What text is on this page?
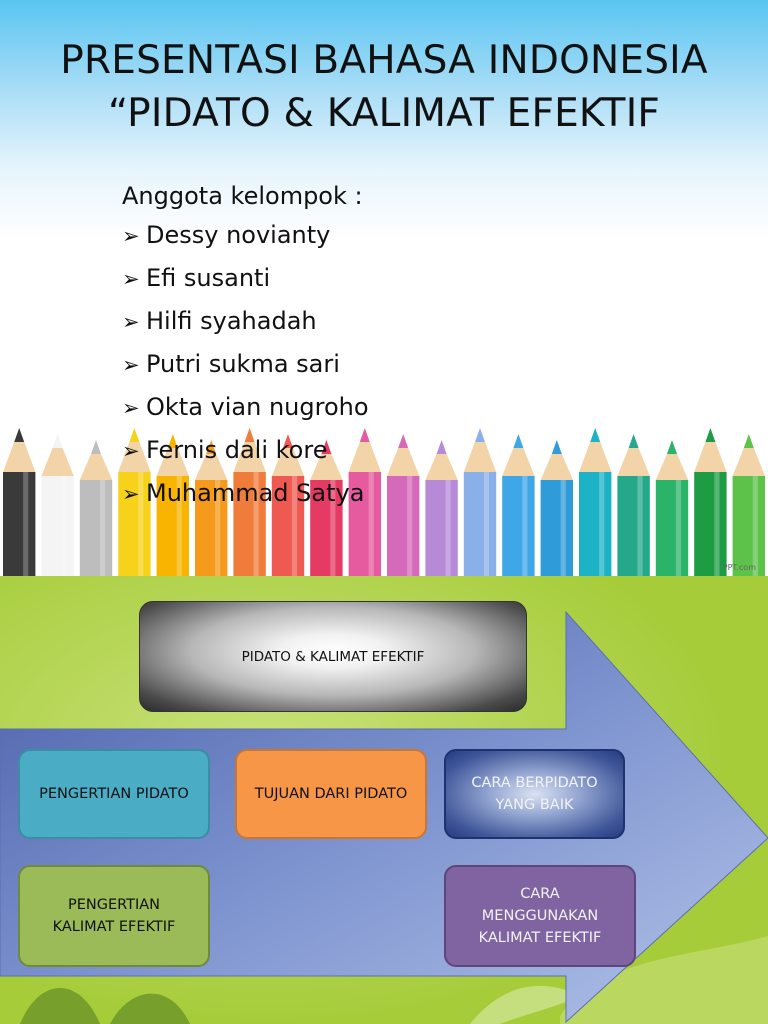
PRESENTASI BAHASA INDONESIA
“PIDATO & KALIMAT EFEKTIF
PPT.com
Anggota kelompok :
➢ Dessy novianty
➢ Efi susanti
➢ Hilfi syahadah
➢ Putri sukma sari
➢ Okta vian nugroho
➢ Fernis dali kore
➢ Muhammad Satya
PIDATO & KALIMAT EFEKTIF
PENGERTIAN PIDATO	TUJUAN DARI PIDATO
CARA BERPIDATO
YANG BAIK
PENGERTIAN
KALIMAT EFEKTIF
CARA
MENGGUNAKAN
KALIMAT EFEKTIF
